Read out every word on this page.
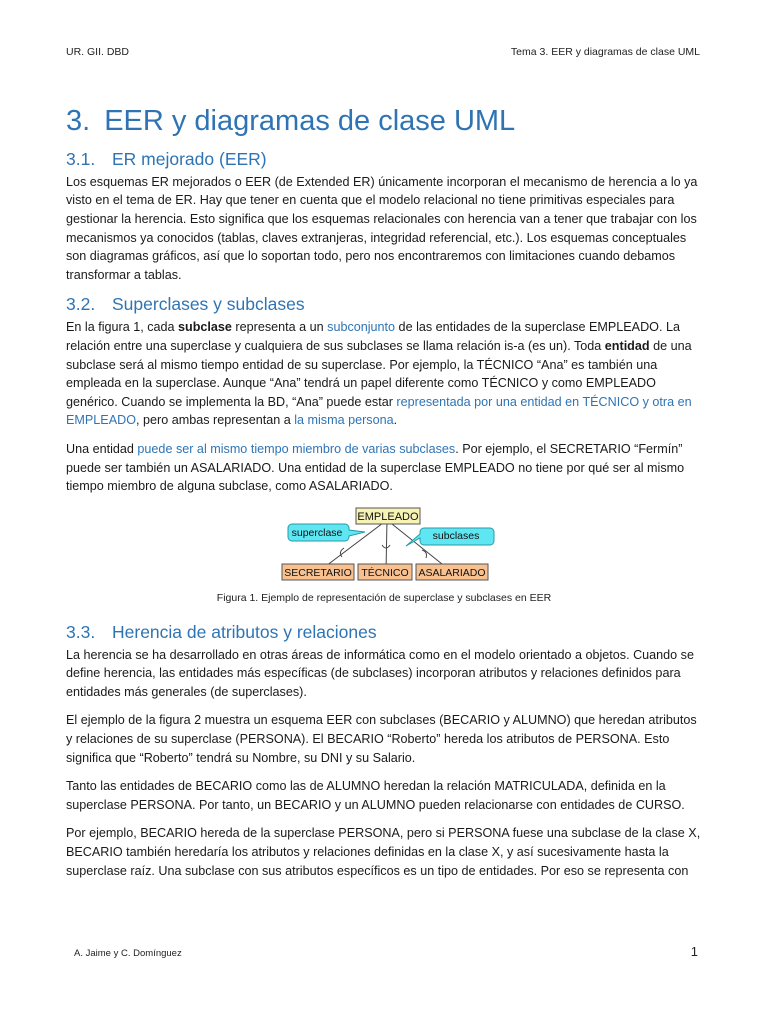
UR. GII. DBD	Tema 3. EER y diagramas de clase UML
3. EER y diagramas de clase UML
3.1. ER mejorado (EER)

Los esquemas ER mejorados o EER (de Extended ER) únicamente incorporan el mecanismo de herencia a lo ya visto en el tema de ER. Hay que tener en cuenta que el modelo relacional no tiene primitivas especiales para gestionar la herencia. Esto significa que los esquemas relacionales con herencia van a tener que trabajar con los mecanismos ya conocidos (tablas, claves extranjeras, integridad referencial, etc.). Los esquemas conceptuales son diagramas gráficos, así que lo soportan todo, pero nos encontraremos con limitaciones cuando debamos transformar a tablas.

3.2. Superclases y subclases

En la figura 1, cada subclase representa a un subconjunto de las entidades de la superclase EMPLEADO. La relación entre una superclase y cualquiera de sus subclases se llama relación is-a (es un). Toda entidad de una subclase será al mismo tiempo entidad de su superclase. Por ejemplo, la TÉCNICO “Ana” es también una empleada en la superclase. Aunque “Ana” tendrá un papel diferente como TÉCNICO y como EMPLEADO genérico. Cuando se implementa la BD, “Ana” puede estar representada por una entidad en TÉCNICO y otra en EMPLEADO, pero ambas representan a la misma persona.

Una entidad puede ser al mismo tiempo miembro de varias subclases. Por ejemplo, el SECRETARIO “Fermín” puede ser también un ASALARIADO. Una entidad de la superclase EMPLEADO no tiene por qué ser al mismo tiempo miembro de alguna subclase, como ASALARIADO.

EMPLEADO
superclase	subclases
SECRETARIO TÉCNICO ASALARIADO
Figura 1. Ejemplo de representación de superclase y subclases en EER
3.3. Herencia de atributos y relaciones

La herencia se ha desarrollado en otras áreas de informática como en el modelo orientado a objetos. Cuando se define herencia, las entidades más específicas (de subclases) incorporan atributos y relaciones definidos para entidades más generales (de superclases).

El ejemplo de la figura 2 muestra un esquema EER con subclases (BECARIO y ALUMNO) que heredan atributos y relaciones de su superclase (PERSONA). El BECARIO “Roberto” hereda los atributos de PERSONA. Esto significa que “Roberto” tendrá su Nombre, su DNI y su Salario.

Tanto las entidades de BECARIO como las de ALUMNO heredan la relación MATRICULADA, definida en la superclase PERSONA. Por tanto, un BECARIO y un ALUMNO pueden relacionarse con entidades de CURSO.

Por ejemplo, BECARIO hereda de la superclase PERSONA, pero si PERSONA fuese una subclase de la clase X, BECARIO también heredaría los atributos y relaciones definidas en la clase X, y así sucesivamente hasta la superclase raíz. Una subclase con sus atributos específicos es un tipo de entidades. Por eso se representa con

A. Jaime y C. Domínguez	1
